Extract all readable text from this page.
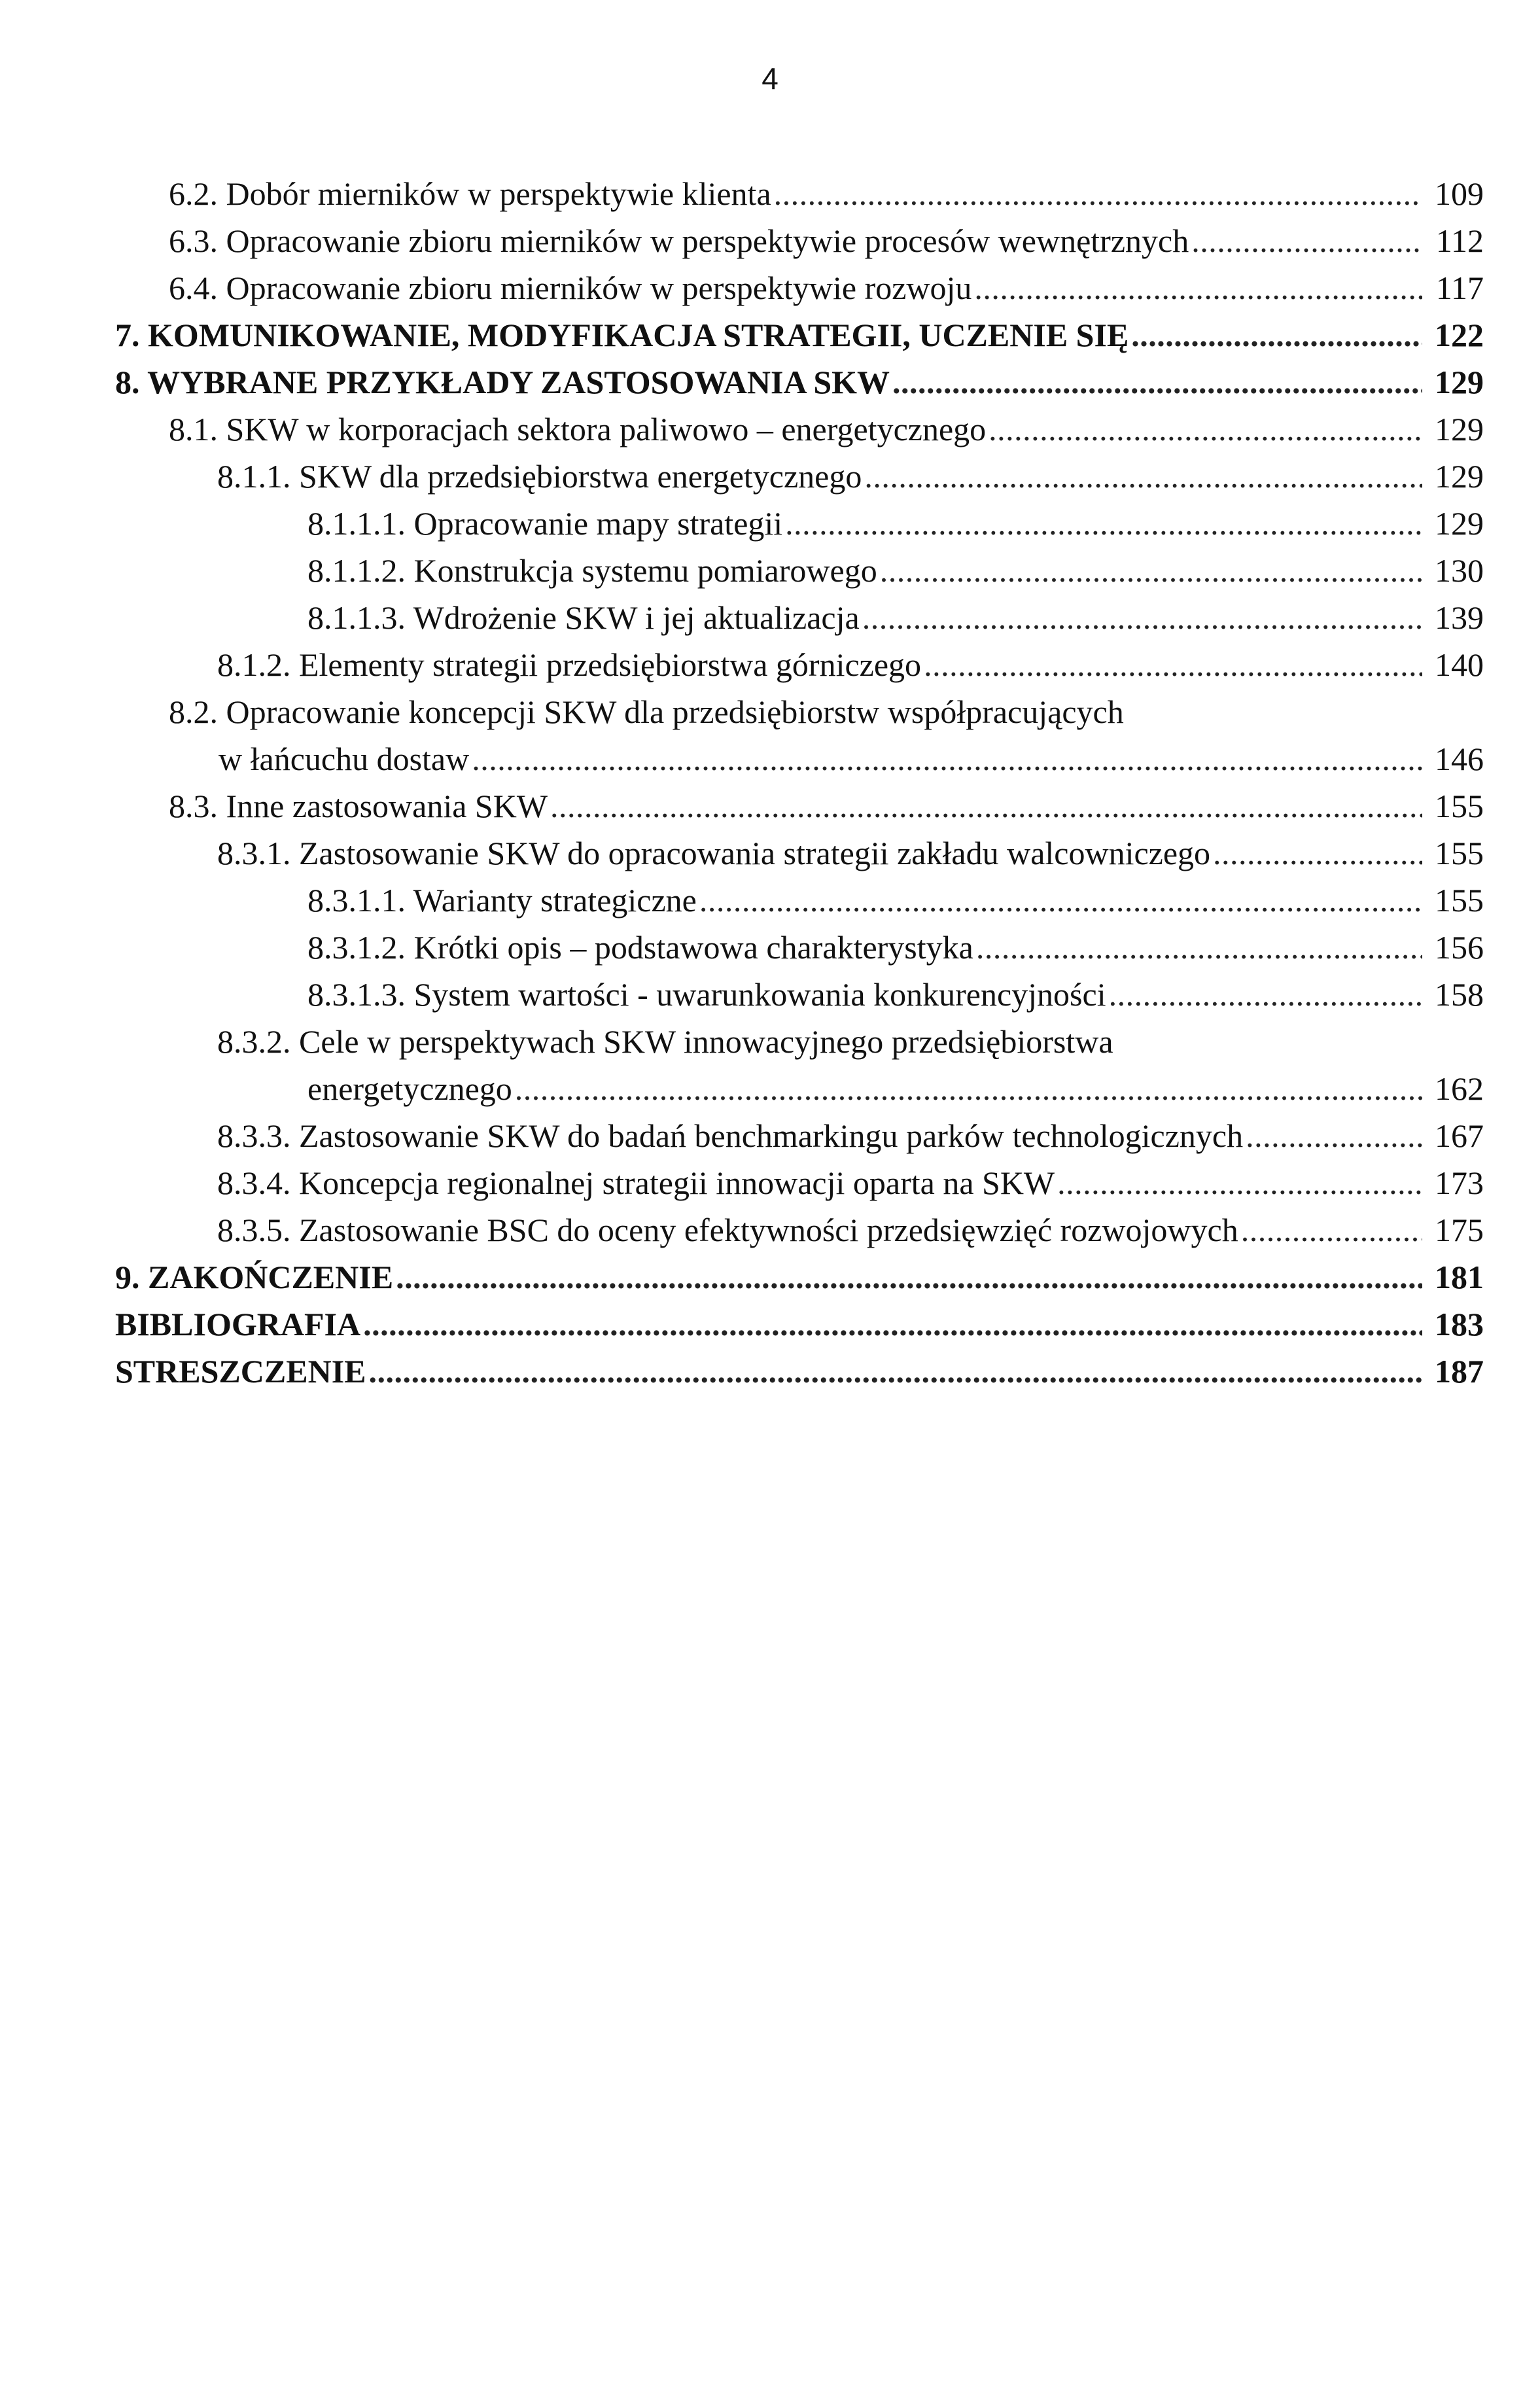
4
6.2. Dobór mierników w perspektywie klienta . . .	109
6.3. Opracowanie zbioru mierników w perspektywie procesów wewnętrznych . . .	112
6.4. Opracowanie zbioru mierników w perspektywie rozwoju . . .	117
7. KOMUNIKOWANIE, MODYFIKACJA STRATEGII, UCZENIE SIĘ . . .	122
8. WYBRANE PRZYKŁADY ZASTOSOWANIA SKW . . .	129
8.1. SKW w korporacjach sektora paliwowo – energetycznego . . .	129
8.1.1. SKW dla przedsiębiorstwa energetycznego . . .	129
8.1.1.1. Opracowanie mapy strategii . . .	129
8.1.1.2. Konstrukcja systemu pomiarowego . . .	130
8.1.1.3. Wdrożenie SKW i jej aktualizacja . . .	139
8.1.2. Elementy strategii przedsiębiorstwa górniczego . . .	140
8.2. Opracowanie koncepcji SKW dla przedsiębiorstw współpracujących
w łańcuchu dostaw . . .	146
8.3. Inne zastosowania SKW . . .	155
8.3.1. Zastosowanie SKW do opracowania strategii zakładu walcowniczego . . .	155
8.3.1.1. Warianty strategiczne . . .	155
8.3.1.2. Krótki opis – podstawowa charakterystyka . . .	156
8.3.1.3. System wartości - uwarunkowania konkurencyjności . . .	158
8.3.2. Cele w perspektywach SKW innowacyjnego przedsiębiorstwa
energetycznego . . .	162
8.3.3. Zastosowanie SKW do badań benchmarkingu parków technologicznych . . .	167
8.3.4. Koncepcja regionalnej strategii innowacji oparta na SKW . . .	173
8.3.5. Zastosowanie BSC do oceny efektywności przedsięwzięć rozwojowych . . .	175
9. ZAKOŃCZENIE . . .	181
BIBLIOGRAFIA . . .	183
STRESZCZENIE . . .	187
